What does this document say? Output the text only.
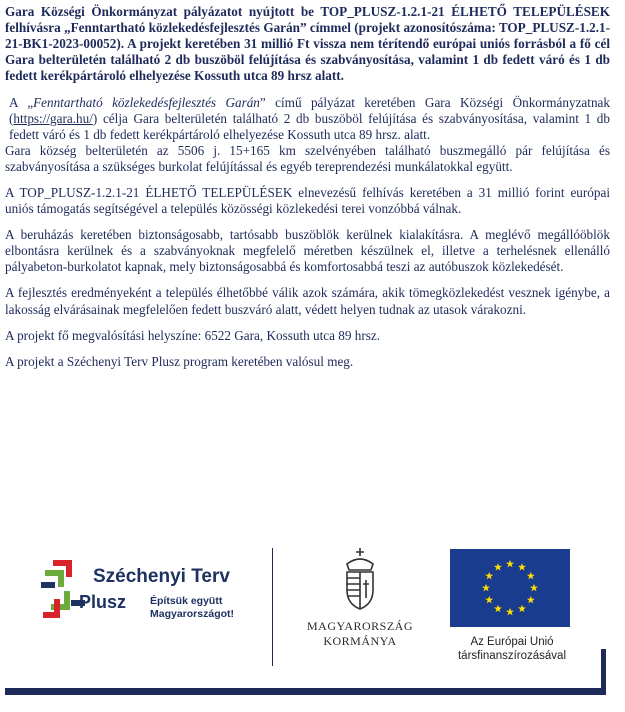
Gara Községi Önkormányzat pályázatot nyújtott be TOP_PLUSZ-1.2.1-21 ÉLHETŐ TELEPÜLÉSEK felhívásra „Fenntartható közlekedésfejlesztés Garán” címmel (projekt azonosítószáma: TOP_PLUSZ-1.2.1-21-BK1-2023-00052). A projekt keretében 31 millió Ft vissza nem térítendő európai uniós forrásból a fő cél Gara belterületén található 2 db buszöböl felújítása és szabványosítása, valamint 1 db fedett váró és 1 db fedett kerékpártároló elhelyezése Kossuth utca 89 hrsz alatt.

A „Fenntartható közlekedésfejlesztés Garán” című pályázat keretében Gara Községi Önkormányzatnak (https://gara.hu/) célja Gara belterületén található 2 db buszöböl felújítása és szabványosítása, valamint 1 db fedett váró és 1 db fedett kerékpártároló elhelyezése Kossuth utca 89 hrsz. alatt.

Gara község belterületén az 5506 j. 15+165 km szelvényében található buszmegálló pár felújítása és szabványosítása a szükséges burkolat felújítással és egyéb tereprendezési munkálatokkal együtt.

A TOP_PLUSZ-1.2.1-21 ÉLHETŐ TELEPÜLÉSEK elnevezésű felhívás keretében a 31 millió forint európai uniós támogatás segítségével a település közösségi közlekedési terei vonzóbbá válnak.

A beruházás keretében biztonságosabb, tartósabb buszöblök kerülnek kialakításra. A meglévő megállóöblök elbontásra kerülnek és a szabványoknak megfelelő méretben készülnek el, illetve a terhelésnek ellenálló pályabeton-burkolatot kapnak, mely biztonságosabbá és komfortosabbá teszi az autóbuszok közlekedését.

A fejlesztés eredményeként a település élhetőbbé válik azok számára, akik tömegközlekedést vesznek igénybe, a lakosság elvárásainak megfelelően fedett buszváró alatt, védett helyen tudnak az utasok várakozni.

A projekt fő megvalósítási helyszíne: 6522 Gara, Kossuth utca 89 hrsz.

A projekt a Széchenyi Terv Plusz program keretében valósul meg.

Széchenyi Terv
Plusz Építsük együtt
Magyarországot!
MAGYARORSZÁG
KORMÁNYA	Az Európai Unió
társfinanszírozásával
